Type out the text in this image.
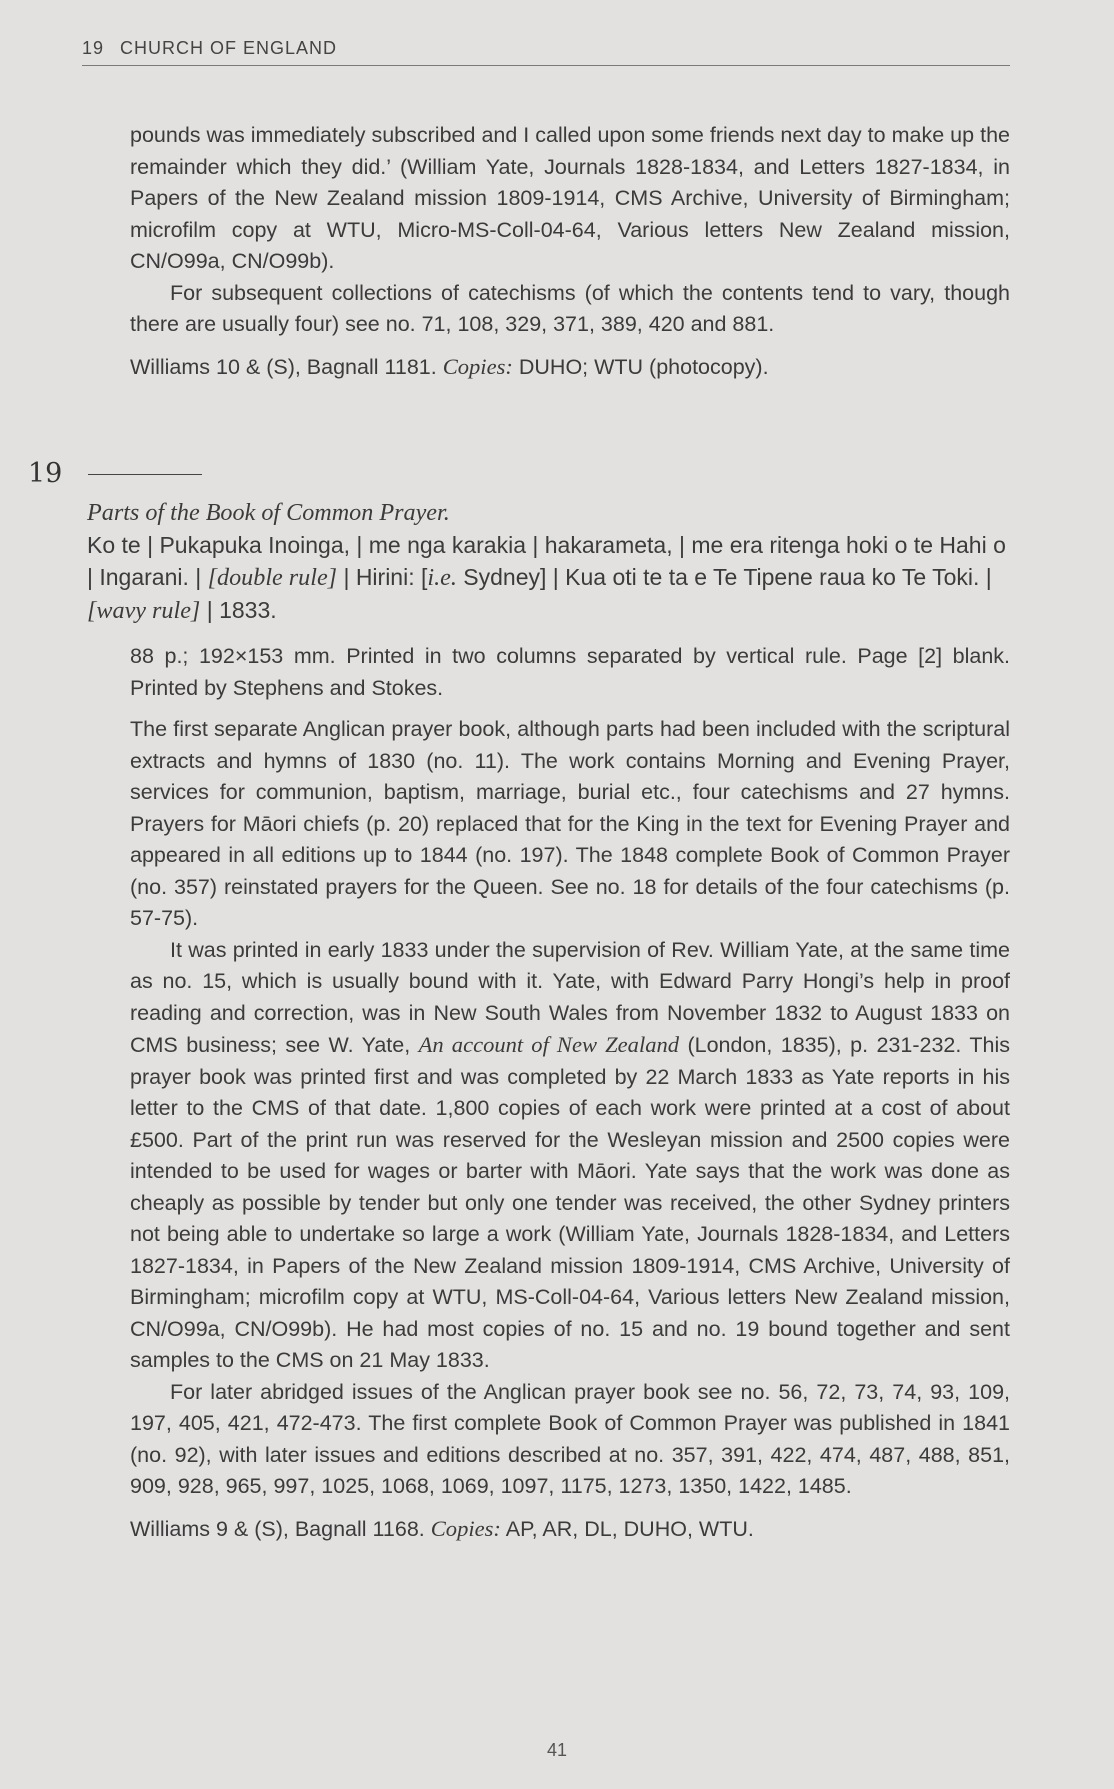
19 CHURCH OF ENGLAND

pounds was immediately subscribed and I called upon some friends next day to make up the remainder which they did.’ (William Yate, Journals 1828-1834, and Letters 1827-1834, in Papers of the New Zealand mission 1809-1914, CMS Archive, University of Birmingham; microfilm copy at WTU, Micro-MS-Coll-04-64, Various letters New Zealand mission, CN/O99a, CN/O99b).

For subsequent collections of catechisms (of which the contents tend to vary, though there are usually four) see no. 71, 108, 329, 371, 389, 420 and 881.

Williams 10 & (S), Bagnall 1181. Copies: DUHO; WTU (photocopy).

19

Parts of the Book of Common Prayer.

Ko te | Pukapuka Inoinga, | me nga karakia | hakarameta, | me era ritenga hoki o te Hahi o | Ingarani. | [double rule] | Hirini: [i.e. Sydney] | Kua oti te ta e Te Tipene raua ko Te Toki. | [wavy rule] | 1833.

88 p.; 192×153 mm. Printed in two columns separated by vertical rule. Page [2] blank. Printed by Stephens and Stokes.

The first separate Anglican prayer book, although parts had been included with the scriptural extracts and hymns of 1830 (no. 11). The work contains Morning and Evening Prayer, services for communion, baptism, marriage, burial etc., four catechisms and 27 hymns. Prayers for Māori chiefs (p. 20) replaced that for the King in the text for Evening Prayer and appeared in all editions up to 1844 (no. 197). The 1848 complete Book of Common Prayer (no. 357) reinstated prayers for the Queen. See no. 18 for details of the four catechisms (p. 57-75).

It was printed in early 1833 under the supervision of Rev. William Yate, at the same time as no. 15, which is usually bound with it. Yate, with Edward Parry Hongi’s help in proof reading and correction, was in New South Wales from November 1832 to August 1833 on CMS business; see W. Yate, An account of New Zealand (London, 1835), p. 231-232. This prayer book was printed first and was completed by 22 March 1833 as Yate reports in his letter to the CMS of that date. 1,800 copies of each work were printed at a cost of about £500. Part of the print run was reserved for the Wesleyan mission and 2500 copies were intended to be used for wages or barter with Māori. Yate says that the work was done as cheaply as possible by tender but only one tender was received, the other Sydney printers not being able to undertake so large a work (William Yate, Journals 1828-1834, and Letters 1827-1834, in Papers of the New Zealand mission 1809-1914, CMS Archive, University of Birmingham; microfilm copy at WTU, MS-Coll-04-64, Various letters New Zealand mission, CN/O99a, CN/O99b). He had most copies of no. 15 and no. 19 bound together and sent samples to the CMS on 21 May 1833.

For later abridged issues of the Anglican prayer book see no. 56, 72, 73, 74, 93, 109, 197, 405, 421, 472-473. The first complete Book of Common Prayer was published in 1841 (no. 92), with later issues and editions described at no. 357, 391, 422, 474, 487, 488, 851, 909, 928, 965, 997, 1025, 1068, 1069, 1097, 1175, 1273, 1350, 1422, 1485.

Williams 9 & (S), Bagnall 1168. Copies: AP, AR, DL, DUHO, WTU.

41
